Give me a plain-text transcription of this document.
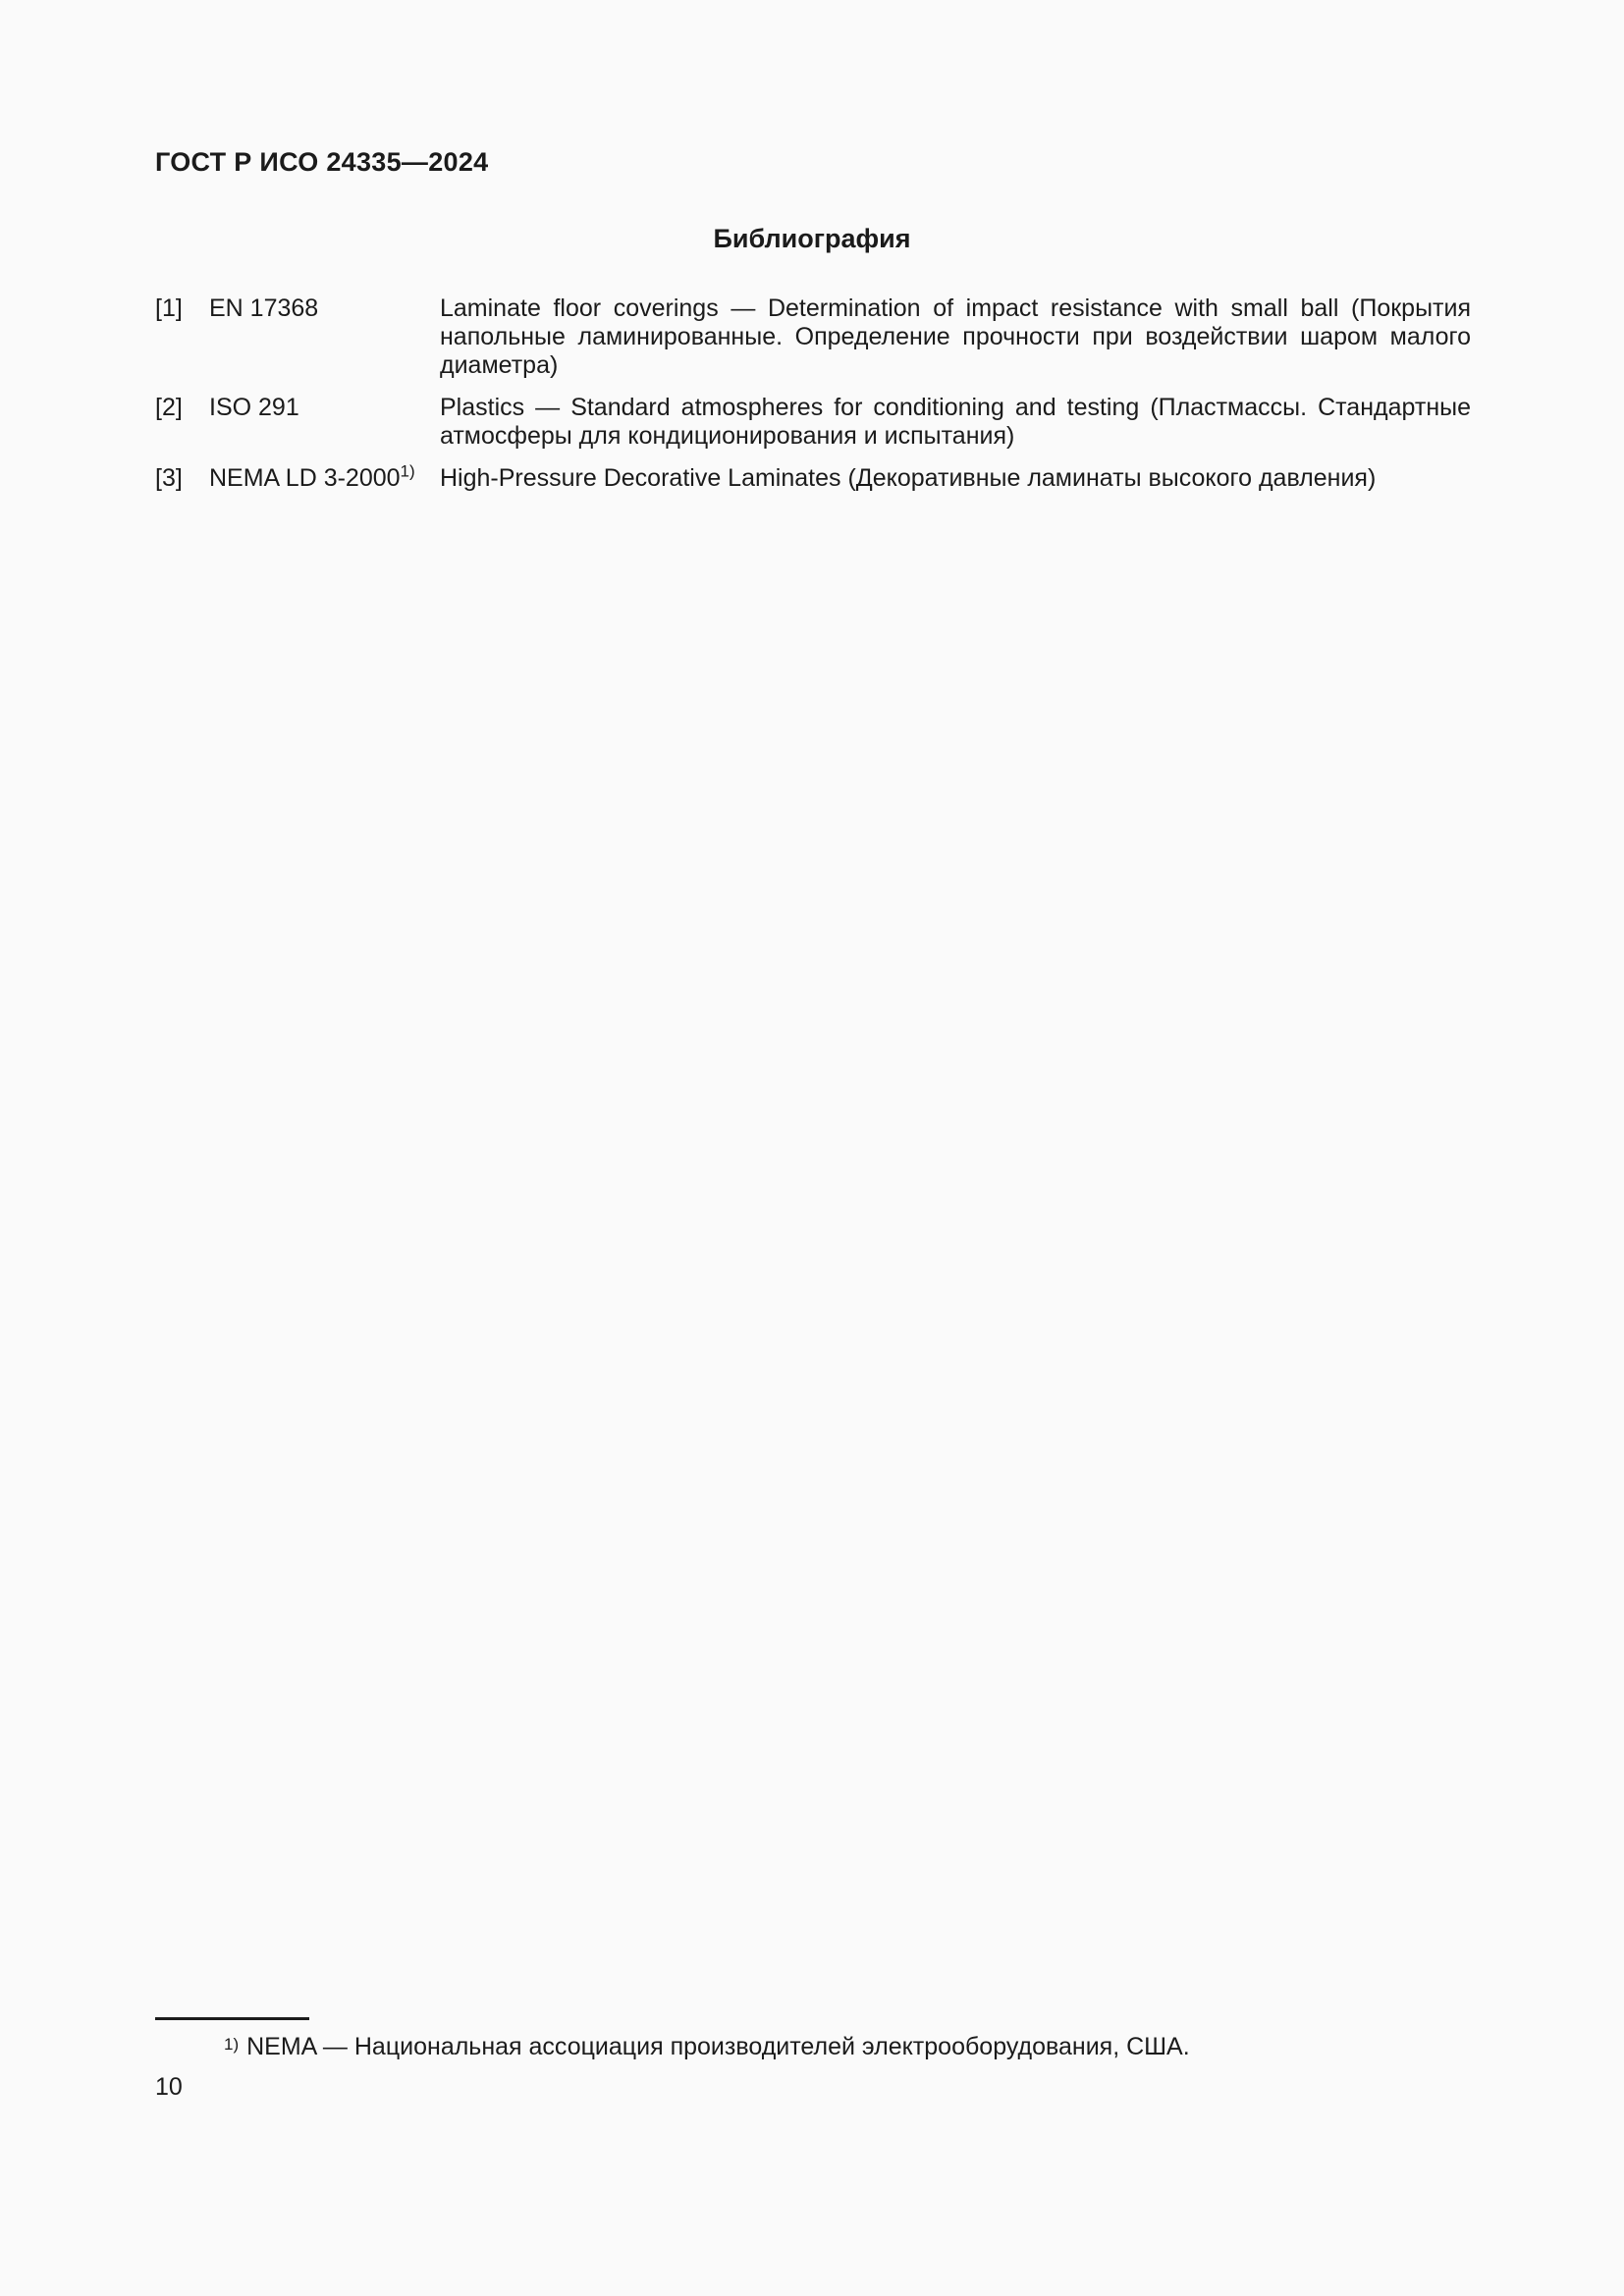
ГОСТ Р ИСО 24335—2024
Библиография
[1]	EN 17368	Laminate floor coverings — Determination of impact resistance with small ball (Покрытия напольные ламинированные. Определение прочности при воздействии шаром малого диаметра)
[2]	ISO 291	Plastics — Standard atmospheres for conditioning and testing (Пластмассы. Стандартные атмосферы для кондиционирования и испытания)
[3]	NEMA LD 3-2000$^{1)}$	High-Pressure Decorative Laminates (Декоративные ламинаты высокого давления)
1) NEMA — Национальная ассоциация производителей электрооборудования, США.
10
